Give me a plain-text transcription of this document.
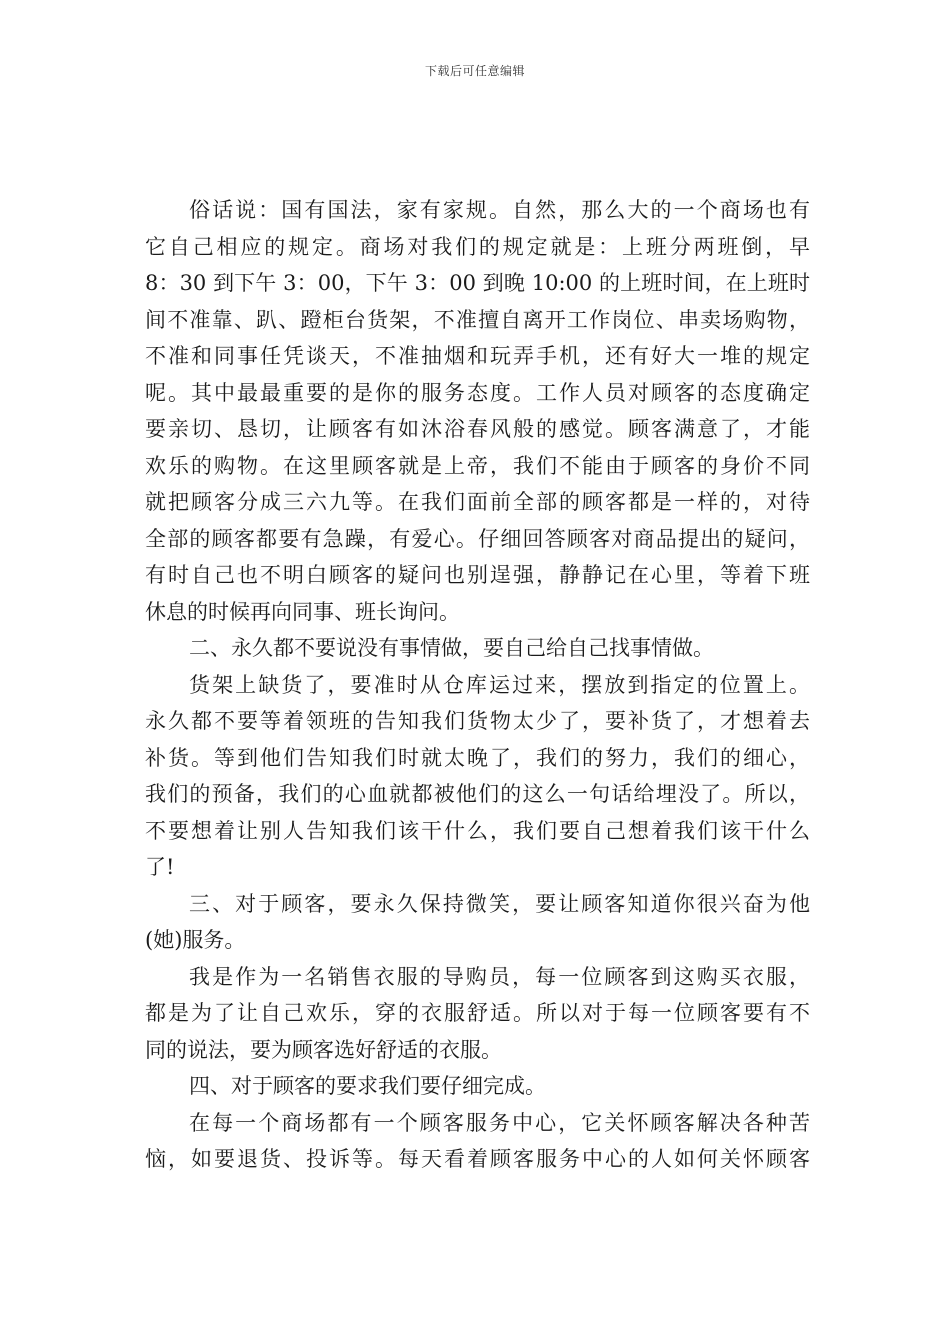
下载后可任意编辑
俗话说：国有国法，家有家规。自然，那么大的一个商场也有
它自己相应的规定。商场对我们的规定就是：上班分两班倒，早
8：30 到下午 3：00，下午 3：00 到晚 10:00 的上班时间，在上班时
间不准靠、趴、蹬柜台货架，不准擅自离开工作岗位、串卖场购物，
不准和同事任凭谈天，不准抽烟和玩弄手机，还有好大一堆的规定
呢。其中最最重要的是你的服务态度。工作人员对顾客的态度确定
要亲切、恳切，让顾客有如沐浴春风般的感觉。顾客满意了，才能
欢乐的购物。在这里顾客就是上帝，我们不能由于顾客的身价不同
就把顾客分成三六九等。在我们面前全部的顾客都是一样的，对待
全部的顾客都要有急躁，有爱心。仔细回答顾客对商品提出的疑问，
有时自己也不明白顾客的疑问也别逞强，静静记在心里，等着下班
休息的时候再向同事、班长询问。
二、永久都不要说没有事情做，要自己给自己找事情做。
货架上缺货了，要准时从仓库运过来，摆放到指定的位置上。
永久都不要等着领班的告知我们货物太少了，要补货了，才想着去
补货。等到他们告知我们时就太晚了，我们的努力，我们的细心，
我们的预备，我们的心血就都被他们的这么一句话给埋没了。所以，
不要想着让别人告知我们该干什么，我们要自己想着我们该干什么
了!
三、对于顾客，要永久保持微笑，要让顾客知道你很兴奋为他
(她)服务。
我是作为一名销售衣服的导购员，每一位顾客到这购买衣服，
都是为了让自己欢乐，穿的衣服舒适。所以对于每一位顾客要有不
同的说法，要为顾客选好舒适的衣服。
四、对于顾客的要求我们要仔细完成。
在每一个商场都有一个顾客服务中心，它关怀顾客解决各种苦
恼，如要退货、投诉等。每天看着顾客服务中心的人如何关怀顾客
